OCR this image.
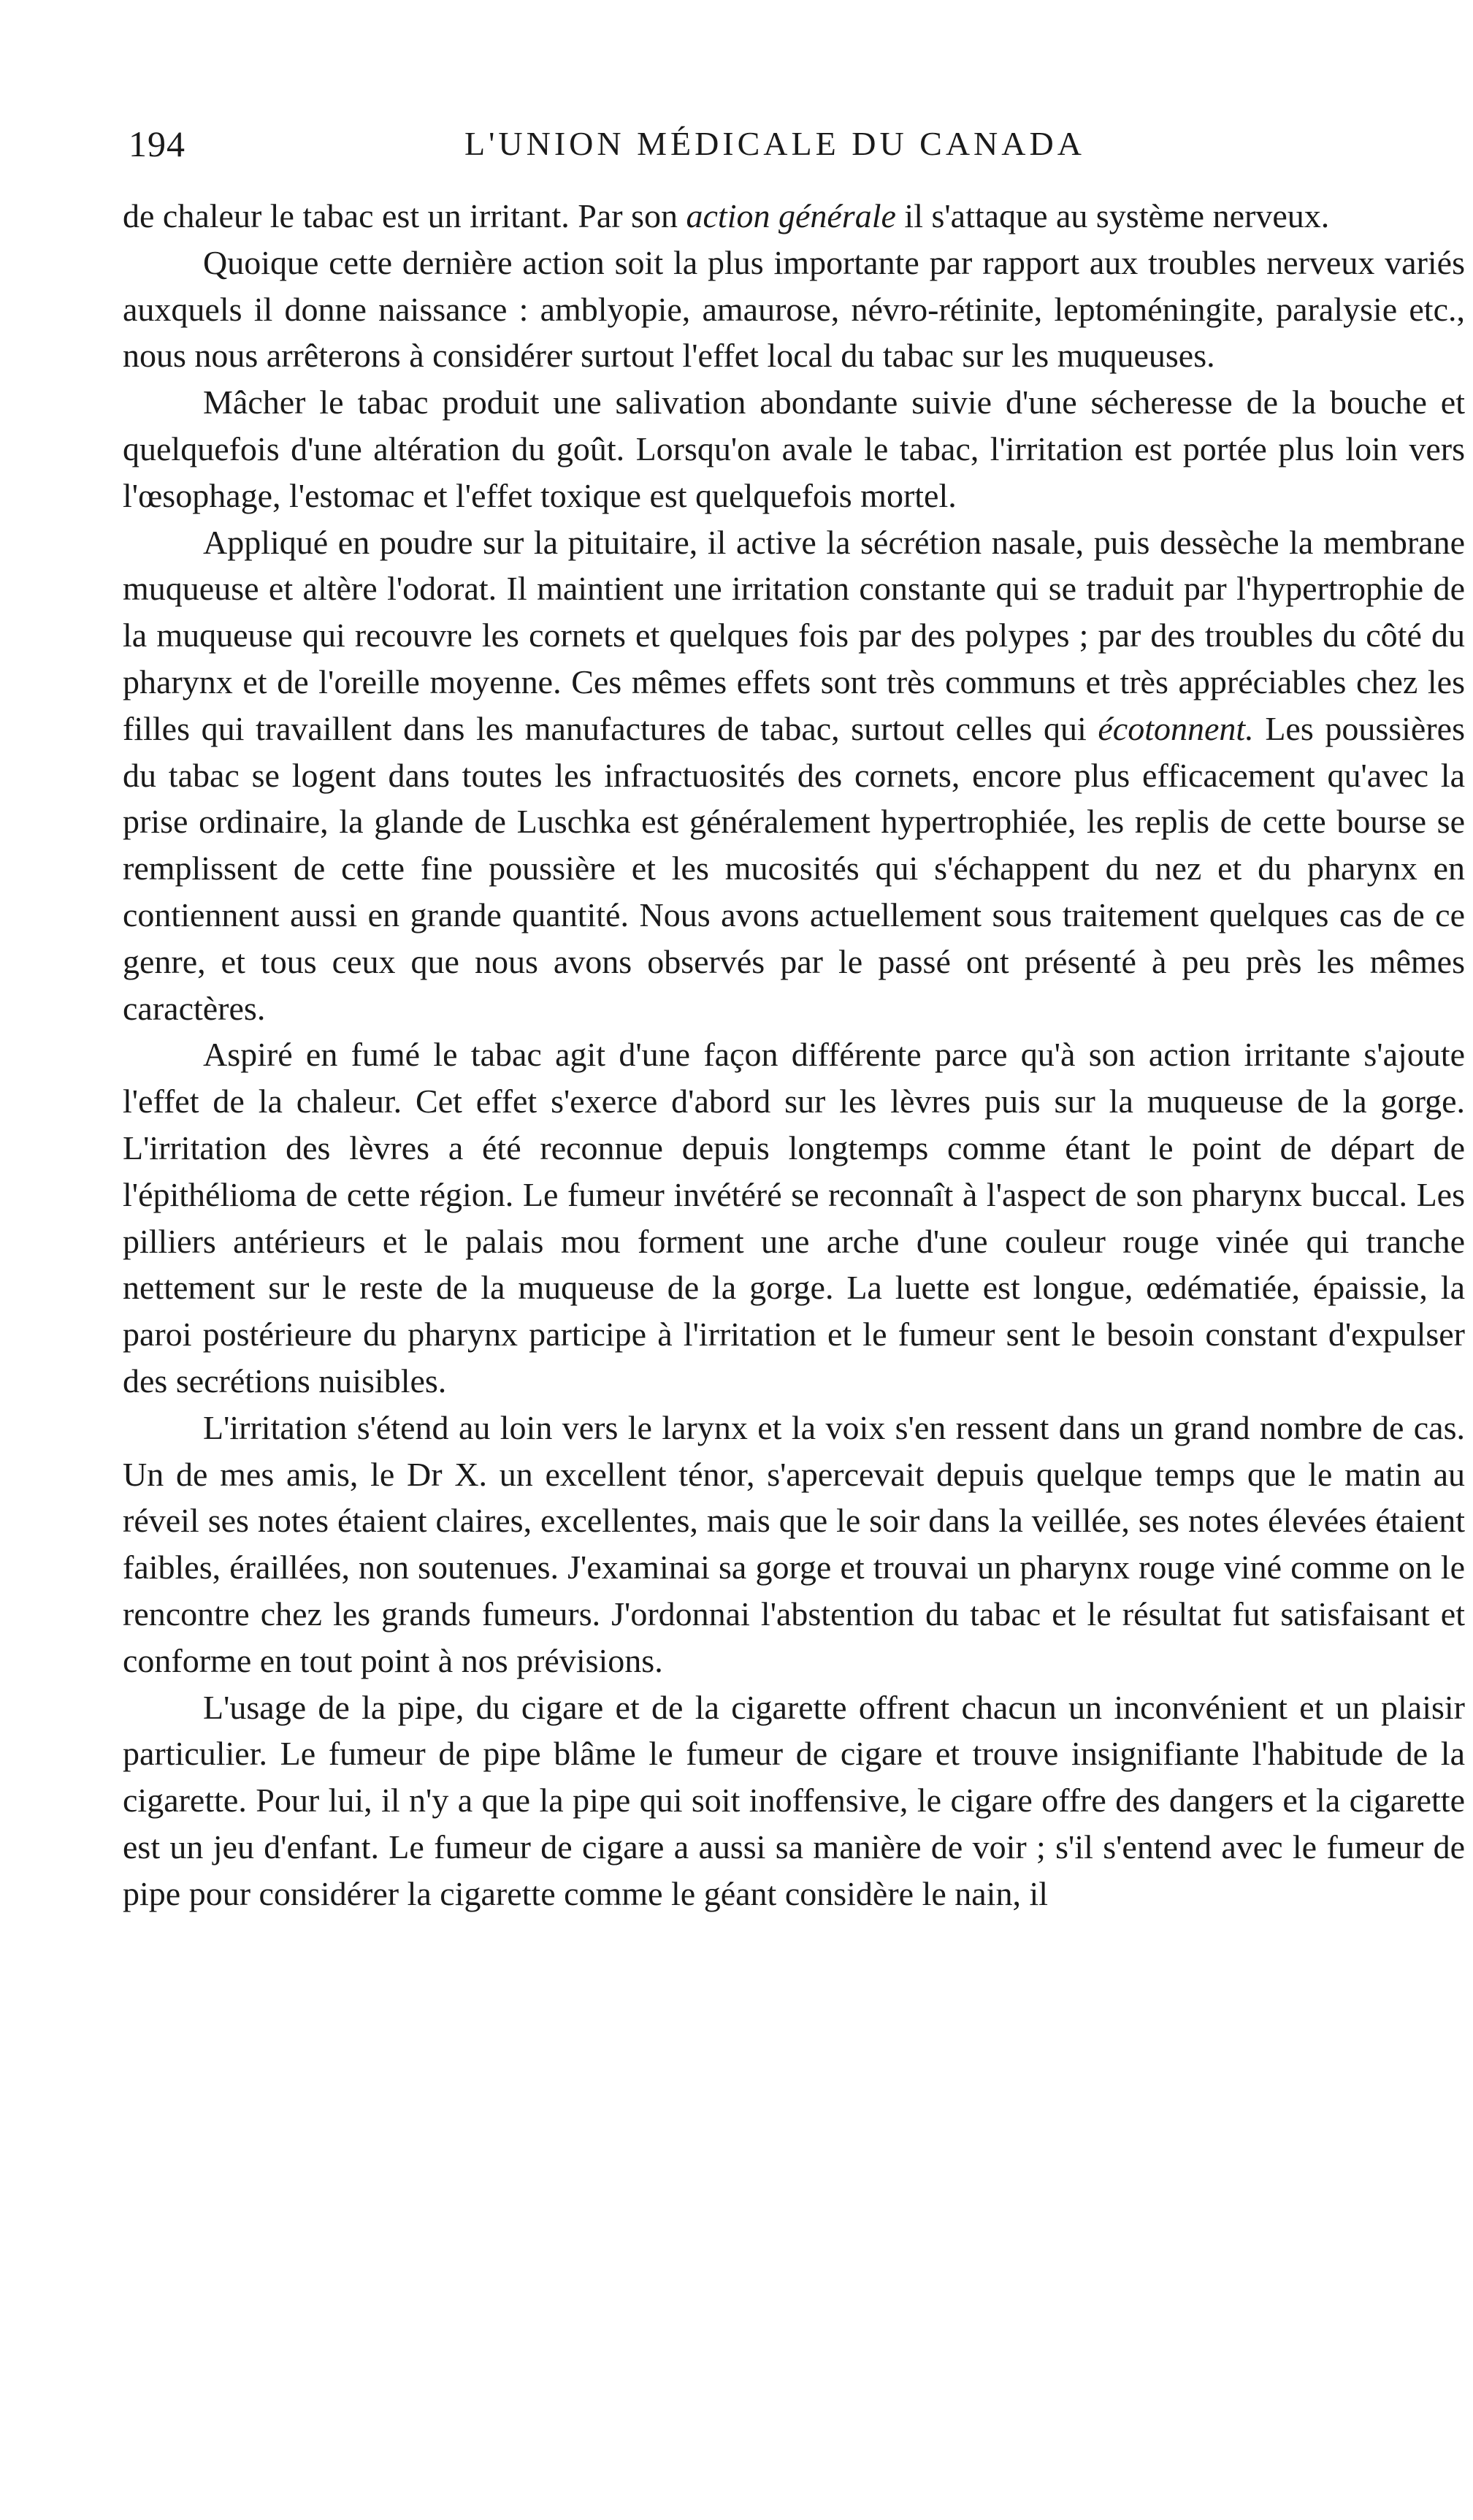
194	L'UNION MÉDICALE DU CANADA

de chaleur le tabac est un irritant. Par son action générale il s'attaque au système nerveux.

Quoique cette dernière action soit la plus importante par rapport aux troubles nerveux variés auxquels il donne naissance : amblyopie, amaurose, névro-rétinite, leptoméningite, paralysie etc., nous nous arrêterons à considérer surtout l'effet local du tabac sur les muqueuses.

Mâcher le tabac produit une salivation abondante suivie d'une sécheresse de la bouche et quelquefois d'une altération du goût. Lorsqu'on avale le tabac, l'irritation est portée plus loin vers l'œsophage, l'estomac et l'effet toxique est quelquefois mortel.

Appliqué en poudre sur la pituitaire, il active la sécrétion nasale, puis dessèche la membrane muqueuse et altère l'odorat. Il maintient une irritation constante qui se traduit par l'hypertrophie de la muqueuse qui recouvre les cornets et quelques fois par des polypes ; par des troubles du côté du pharynx et de l'oreille moyenne. Ces mêmes effets sont très communs et très appréciables chez les filles qui travaillent dans les manufactures de tabac, surtout celles qui écotonnent. Les poussières du tabac se logent dans toutes les infractuosités des cornets, encore plus efficacement qu'avec la prise ordinaire, la glande de Luschka est généralement hypertrophiée, les replis de cette bourse se remplissent de cette fine poussière et les mucosités qui s'échappent du nez et du pharynx en contiennent aussi en grande quantité. Nous avons actuellement sous traitement quelques cas de ce genre, et tous ceux que nous avons observés par le passé ont présenté à peu près les mêmes caractères.

Aspiré en fumé le tabac agit d'une façon différente parce qu'à son action irritante s'ajoute l'effet de la chaleur. Cet effet s'exerce d'abord sur les lèvres puis sur la muqueuse de la gorge. L'irritation des lèvres a été reconnue depuis longtemps comme étant le point de départ de l'épithélioma de cette région. Le fumeur invétéré se reconnaît à l'aspect de son pharynx buccal. Les pilliers antérieurs et le palais mou forment une arche d'une couleur rouge vinée qui tranche nettement sur le reste de la muqueuse de la gorge. La luette est longue, œdématiée, épaissie, la paroi postérieure du pharynx participe à l'irritation et le fumeur sent le besoin constant d'expulser des secrétions nuisibles.

L'irritation s'étend au loin vers le larynx et la voix s'en ressent dans un grand nombre de cas. Un de mes amis, le Dr X. un excellent ténor, s'apercevait depuis quelque temps que le matin au réveil ses notes étaient claires, excellentes, mais que le soir dans la veillée, ses notes élevées étaient faibles, éraillées, non soutenues. J'examinai sa gorge et trouvai un pharynx rouge viné comme on le rencontre chez les grands fumeurs. J'ordonnai l'abstention du tabac et le résultat fut satisfaisant et conforme en tout point à nos prévisions.

L'usage de la pipe, du cigare et de la cigarette offrent chacun un inconvénient et un plaisir particulier. Le fumeur de pipe blâme le fumeur de cigare et trouve insignifiante l'habitude de la cigarette. Pour lui, il n'y a que la pipe qui soit inoffensive, le cigare offre des dangers et la cigarette est un jeu d'enfant. Le fumeur de cigare a aussi sa manière de voir ; s'il s'entend avec le fumeur de pipe pour considérer la cigarette comme le géant considère le nain, il
